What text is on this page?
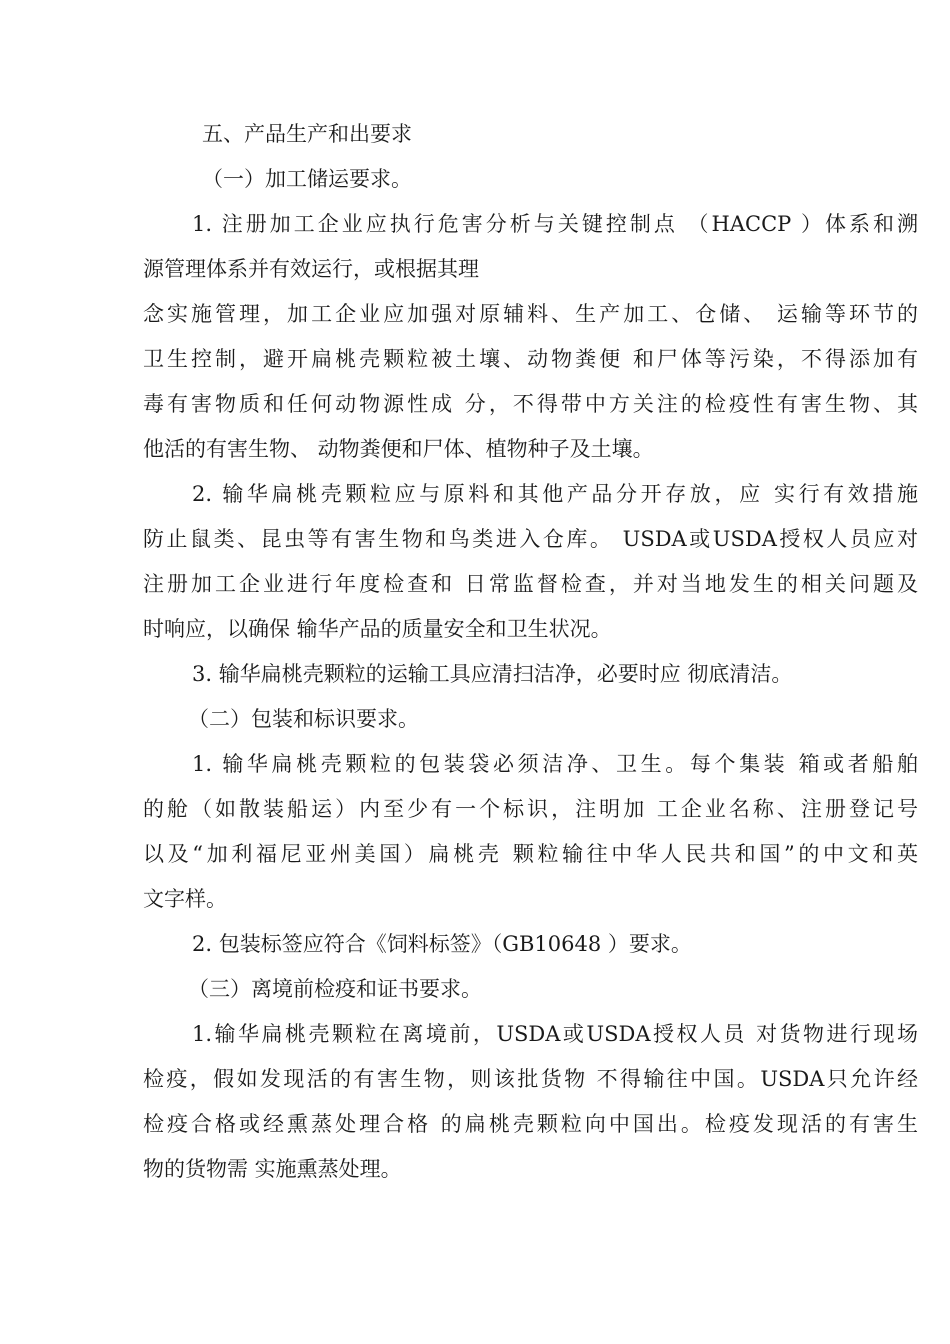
五、产品生产和出要求
（一）加工储运要求。
1. 注册加工企业应执行危害分析与关键控制点 （HACCP ）体系和溯
源管理体系并有效运行，或根据其理
念实施管理，加工企业应加强对原辅料、生产加工、仓储、 运输等环节的
卫生控制，避开扁桃壳颗粒被土壤、动物粪便 和尸体等污染，不得添加有
毒有害物质和任何动物源性成 分，不得带中方关注的检疫性有害生物、其
他活的有害生物、 动物粪便和尸体、植物种子及土壤。
2. 输华扁桃壳颗粒应与原料和其他产品分开存放，应 实行有效措施
防止鼠类、昆虫等有害生物和鸟类进入仓库。 USDA或USDA授权人员应对
注册加工企业进行年度检查和 日常监督检查，并对当地发生的相关问题及
时响应，以确保 输华产品的质量安全和卫生状况。
3. 输华扁桃壳颗粒的运输工具应清扫洁净，必要时应 彻底清洁。
（二）包装和标识要求。
1. 输华扁桃壳颗粒的包装袋必须洁净、卫生。每个集装 箱或者船舶
的舱（如散装船运）内至少有一个标识，注明加 工企业名称、注册登记号
以及“加利福尼亚州美国）扁桃壳 颗粒输往中华人民共和国”的中文和英
文字样。
2. 包装标签应符合《饲料标签》（GB10648 ）要求。
（三）离境前检疫和证书要求。
1.输华扁桃壳颗粒在离境前，USDA或USDA授权人员 对货物进行现场
检疫，假如发现活的有害生物，则该批货物 不得输往中国。USDA只允许经
检疫合格或经熏蒸处理合格 的扁桃壳颗粒向中国出。检疫发现活的有害生
物的货物需 实施熏蒸处理。
